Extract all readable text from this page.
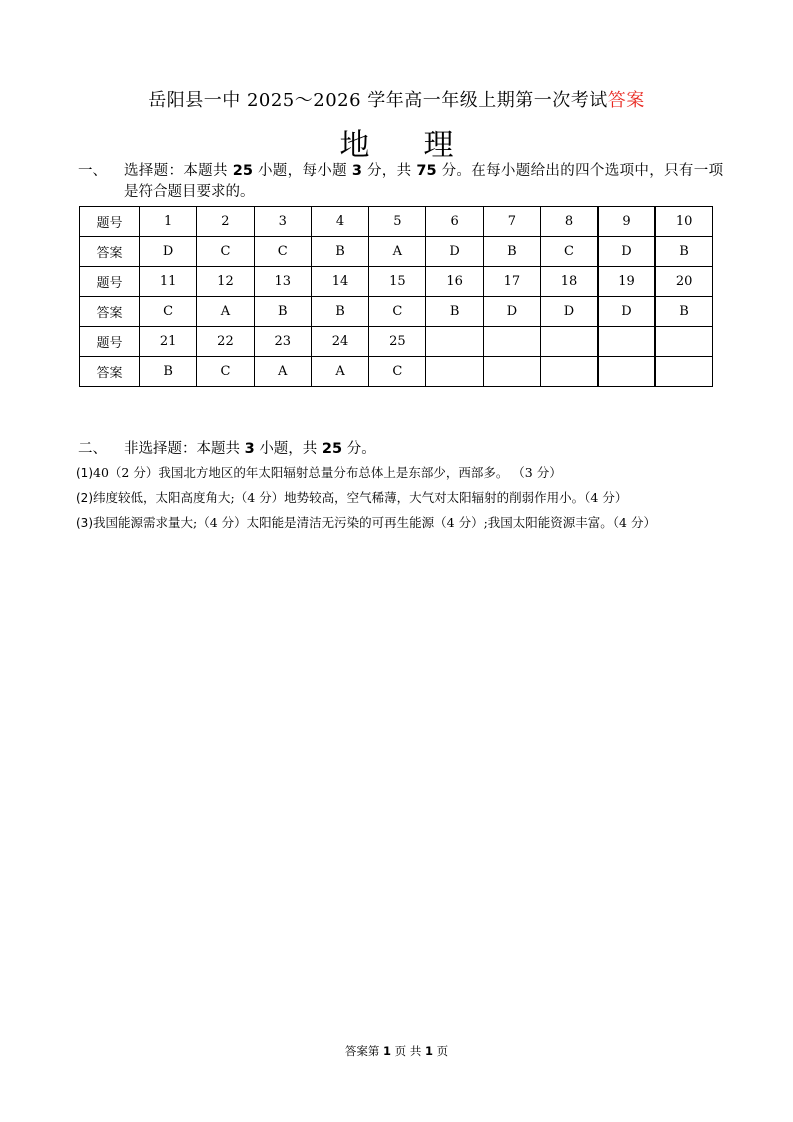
岳阳县一中 2025～2026 学年高一年级上期第一次考试答案
地 理
一、 选择题：本题共 25 小题，每小题 3 分，共 75 分。在每小题给出的四个选项中，只有一项是符合题目要求的。
题号	1	2	3	4	5	6	7	8	9	10
答案	D	C	C	B	A	D	B	C	D	B
题号	11	12	13	14	15	16	17	18	19	20
答案	C	A	B	B	C	B	D	D	D	B
题号	21	22	23	24	25					
答案	B	C	A	A	C					
二、 非选择题：本题共 3 小题，共 25 分。
(1)40（2 分）我国北方地区的年太阳辐射总量分布总体上是东部少，西部多。 （3 分）
(2)纬度较低，太阳高度角大;（4 分）地势较高，空气稀薄，大气对太阳辐射的削弱作用小。（4 分）
(3)我国能源需求量大;（4 分）太阳能是清洁无污染的可再生能源（4 分）;我国太阳能资源丰富。（4 分）
答案第 1 页 共 1 页
